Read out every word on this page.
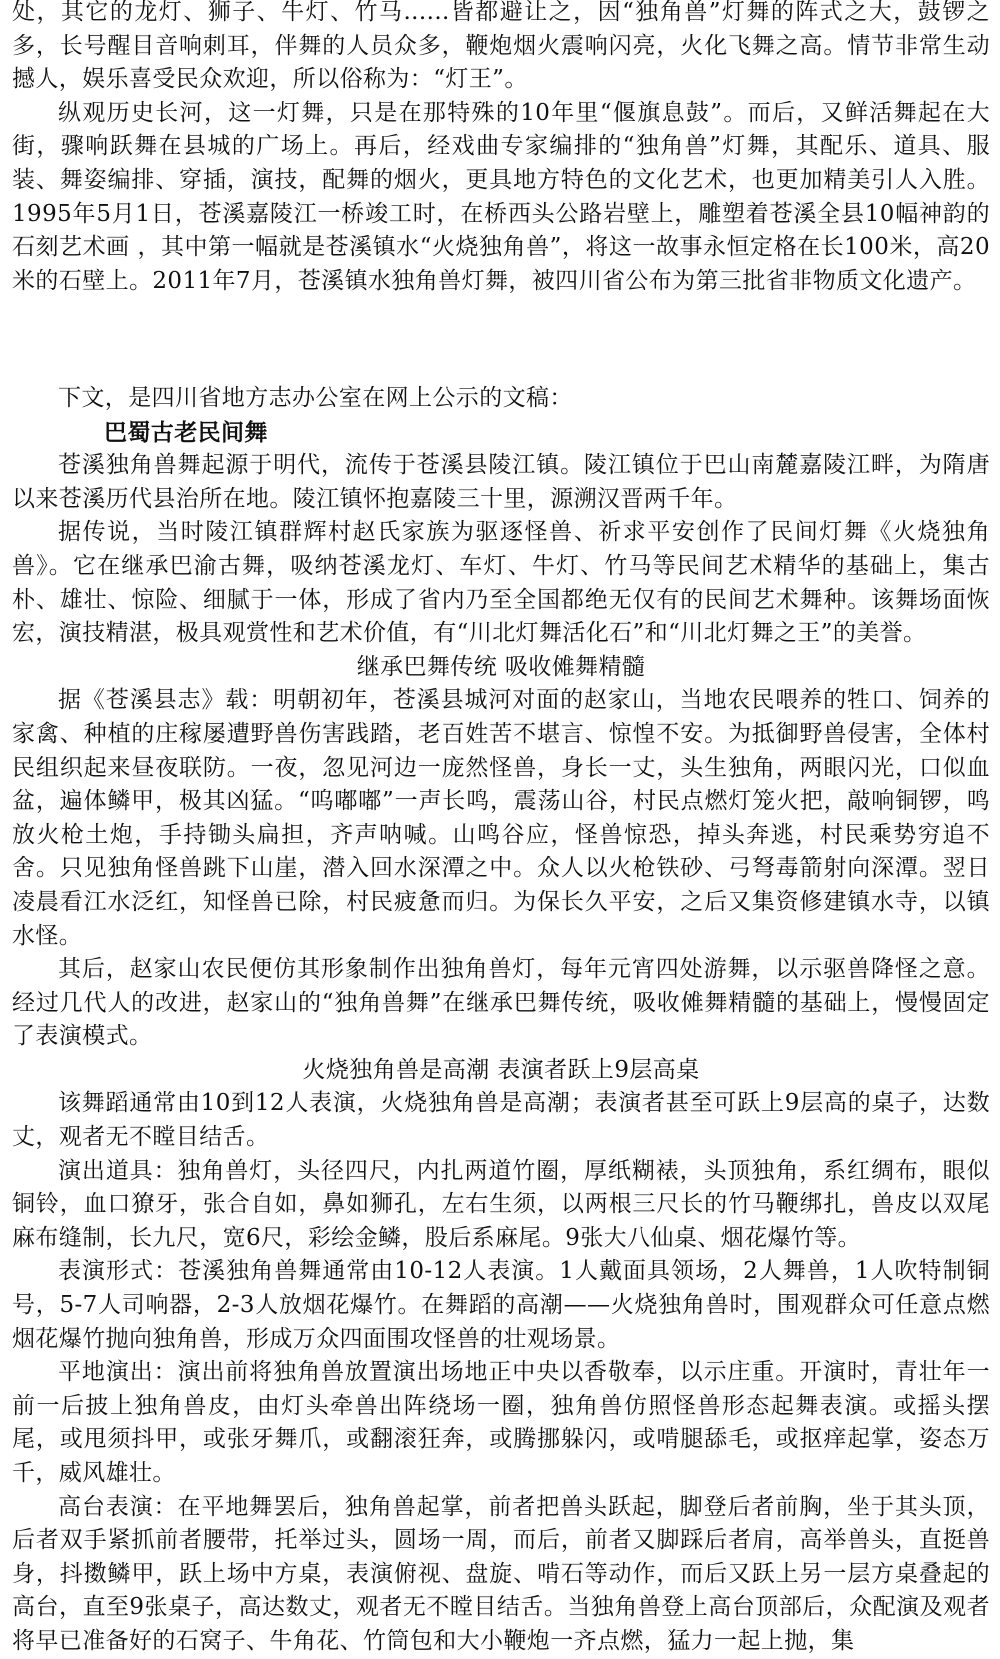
处，其它的龙灯、狮子、牛灯、竹马......皆都避让之，因“独角兽”灯舞的阵式之大，鼓锣之多，长号醒目音响刺耳，伴舞的人员众多，鞭炮烟火震响闪亮，火化飞舞之高。情节非常生动撼人，娱乐喜受民众欢迎，所以俗称为：“灯王”。

纵观历史长河，这一灯舞，只是在那特殊的10年里“偃旗息鼓”。而后，又鲜活舞起在大街，骤响跃舞在县城的广场上。再后，经戏曲专家编排的“独角兽”灯舞，其配乐、道具、服装、舞姿编排、穿插，演技，配舞的烟火，更具地方特色的文化艺术，也更加精美引人入胜。 1995年5月1日，苍溪嘉陵江一桥竣工时，在桥西头公路岩壁上，雕塑着苍溪全县10幅神韵的石刻艺术画 ，其中第一幅就是苍溪镇水“火烧独角兽”，将这一故事永恒定格在长100米，高20米的石壁上。2011年7月，苍溪镇水独角兽灯舞，被四川省公布为第三批省非物质文化遗产。

下文，是四川省地方志办公室在网上公示的文稿：

巴蜀古老民间舞

苍溪独角兽舞起源于明代，流传于苍溪县陵江镇。陵江镇位于巴山南麓嘉陵江畔，为隋唐以来苍溪历代县治所在地。陵江镇怀抱嘉陵三十里，源溯汉晋两千年。

据传说，当时陵江镇群辉村赵氏家族为驱逐怪兽、祈求平安创作了民间灯舞《火烧独角兽》。它在继承巴渝古舞，吸纳苍溪龙灯、车灯、牛灯、竹马等民间艺术精华的基础上，集古朴、雄壮、惊险、细腻于一体，形成了省内乃至全国都绝无仅有的民间艺术舞种。该舞场面恢宏，演技精湛，极具观赏性和艺术价值，有“川北灯舞活化石”和“川北灯舞之王”的美誉。

继承巴舞传统 吸收傩舞精髓

据《苍溪县志》载：明朝初年，苍溪县城河对面的赵家山，当地农民喂养的牲口、饲养的家禽、种植的庄稼屡遭野兽伤害践踏，老百姓苦不堪言、惊惶不安。为抵御野兽侵害，全体村民组织起来昼夜联防。一夜，忽见河边一庞然怪兽，身长一丈，头生独角，两眼闪光，口似血盆，遍体鳞甲，极其凶猛。“呜嘟嘟”一声长鸣，震荡山谷，村民点燃灯笼火把，敲响铜锣，鸣放火枪土炮，手持锄头扁担，齐声呐喊。山鸣谷应，怪兽惊恐，掉头奔逃，村民乘势穷追不舍。只见独角怪兽跳下山崖，潜入回水深潭之中。众人以火枪铁砂、弓弩毒箭射向深潭。翌日凌晨看江水泛红，知怪兽已除，村民疲惫而归。为保长久平安，之后又集资修建镇水寺，以镇水怪。

其后，赵家山农民便仿其形象制作出独角兽灯，每年元宵四处游舞，以示驱兽降怪之意。经过几代人的改进，赵家山的“独角兽舞”在继承巴舞传统，吸收傩舞精髓的基础上，慢慢固定了表演模式。

火烧独角兽是高潮 表演者跃上9层高桌

该舞蹈通常由10到12人表演，火烧独角兽是高潮；表演者甚至可跃上9层高的桌子，达数丈，观者无不瞠目结舌。

演出道具：独角兽灯，头径四尺，内扎两道竹圈，厚纸糊裱，头顶独角，系红绸布，眼似铜铃，血口獠牙，张合自如，鼻如狮孔，左右生须，以两根三尺长的竹马鞭绑扎，兽皮以双尾麻布缝制，长九尺，宽6尺，彩绘金鳞，股后系麻尾。9张大八仙桌、烟花爆竹等。

表演形式：苍溪独角兽舞通常由10-12人表演。1人戴面具领场，2人舞兽，1人吹特制铜号，5-7人司响器，2-3人放烟花爆竹。在舞蹈的高潮——火烧独角兽时，围观群众可任意点燃烟花爆竹抛向独角兽，形成万众四面围攻怪兽的壮观场景。

平地演出：演出前将独角兽放置演出场地正中央以香敬奉，以示庄重。开演时，青壮年一前一后披上独角兽皮，由灯头牵兽出阵绕场一圈，独角兽仿照怪兽形态起舞表演。或摇头摆尾，或甩须抖甲，或张牙舞爪，或翻滚狂奔，或腾挪躲闪，或啃腿舔毛，或抠痒起掌，姿态万千，威风雄壮。

高台表演：在平地舞罢后，独角兽起掌，前者把兽头跃起，脚登后者前胸，坐于其头顶，后者双手紧抓前者腰带，托举过头，圆场一周，而后，前者又脚踩后者肩，高举兽头，直挺兽身，抖擞鳞甲，跃上场中方桌，表演俯视、盘旋、啃石等动作，而后又跃上另一层方桌叠起的高台，直至9张桌子，高达数丈，观者无不瞠目结舌。当独角兽登上高台顶部后，众配演及观者将早已准备好的石窝子、牛角花、竹筒包和大小鞭炮一齐点燃，猛力一起上抛，集
